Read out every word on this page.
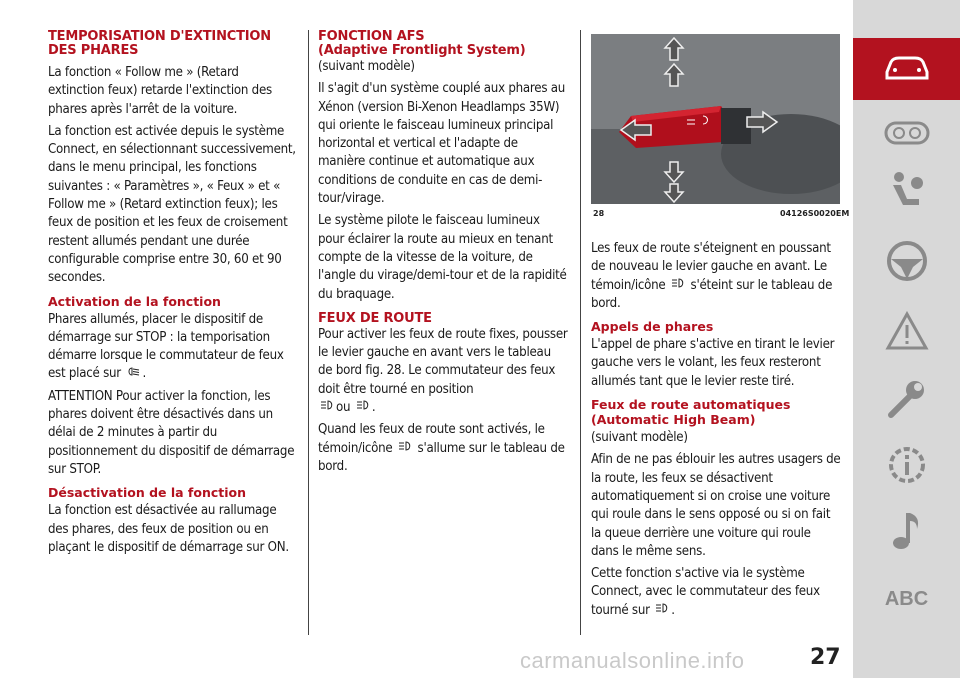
TEMPORISATION D'EXTINCTION DES PHARES

La fonction « Follow me » (Retard extinction feux) retarde l'extinction des phares après l'arrêt de la voiture.

La fonction est activée depuis le système Connect, en sélectionnant successivement, dans le menu principal, les fonctions suivantes : « Paramètres », « Feux » et « Follow me » (Retard extinction feux); les feux de position et les feux de croisement restent allumés pendant une durée configurable comprise entre 30, 60 et 90 secondes.

Activation de la fonction

Phares allumés, placer le dispositif de démarrage sur STOP : la temporisation démarre lorsque le commutateur de feux est placé sur .

ATTENTION Pour activer la fonction, les phares doivent être désactivés dans un délai de 2 minutes à partir du positionnement du dispositif de démarrage sur STOP.

Désactivation de la fonction

La fonction est désactivée au rallumage des phares, des feux de position ou en plaçant le dispositif de démarrage sur ON.

FONCTION AFS
(Adaptive Frontlight System)

(suivant modèle)

Il s'agit d'un système couplé aux phares au Xénon (version Bi-Xenon Headlamps 35W) qui oriente le faisceau lumineux principal horizontal et vertical et l'adapte de manière continue et automatique aux conditions de conduite en cas de demi-tour/virage.

Le système pilote le faisceau lumineux pour éclairer la route au mieux en tenant compte de la vitesse de la voiture, de l'angle du virage/demi-tour et de la rapidité du braquage.

FEUX DE ROUTE

Pour activer les feux de route fixes, pousser le levier gauche en avant vers le tableau de bord fig. 28. Le commutateur des feux doit être tourné en position
ou .

Quand les feux de route sont activés, le témoin/icône s'allume sur le tableau de bord.

28	04126S0020EM

Les feux de route s'éteignent en poussant de nouveau le levier gauche en avant. Le témoin/icône s'éteint sur le tableau de bord.

Appels de phares

L'appel de phare s'active en tirant le levier gauche vers le volant, les feux resteront allumés tant que le levier reste tiré.

Feux de route automatiques
(Automatic High Beam)

(suivant modèle)

Afin de ne pas éblouir les autres usagers de la route, les feux se désactivent automatiquement si on croise une voiture qui roule dans le sens opposé ou si on fait la queue derrière une voiture qui roule dans le même sens.

Cette fonction s'active via le système Connect, avec le commutateur des feux tourné sur .

ABC
carmanualsonline.info	27
